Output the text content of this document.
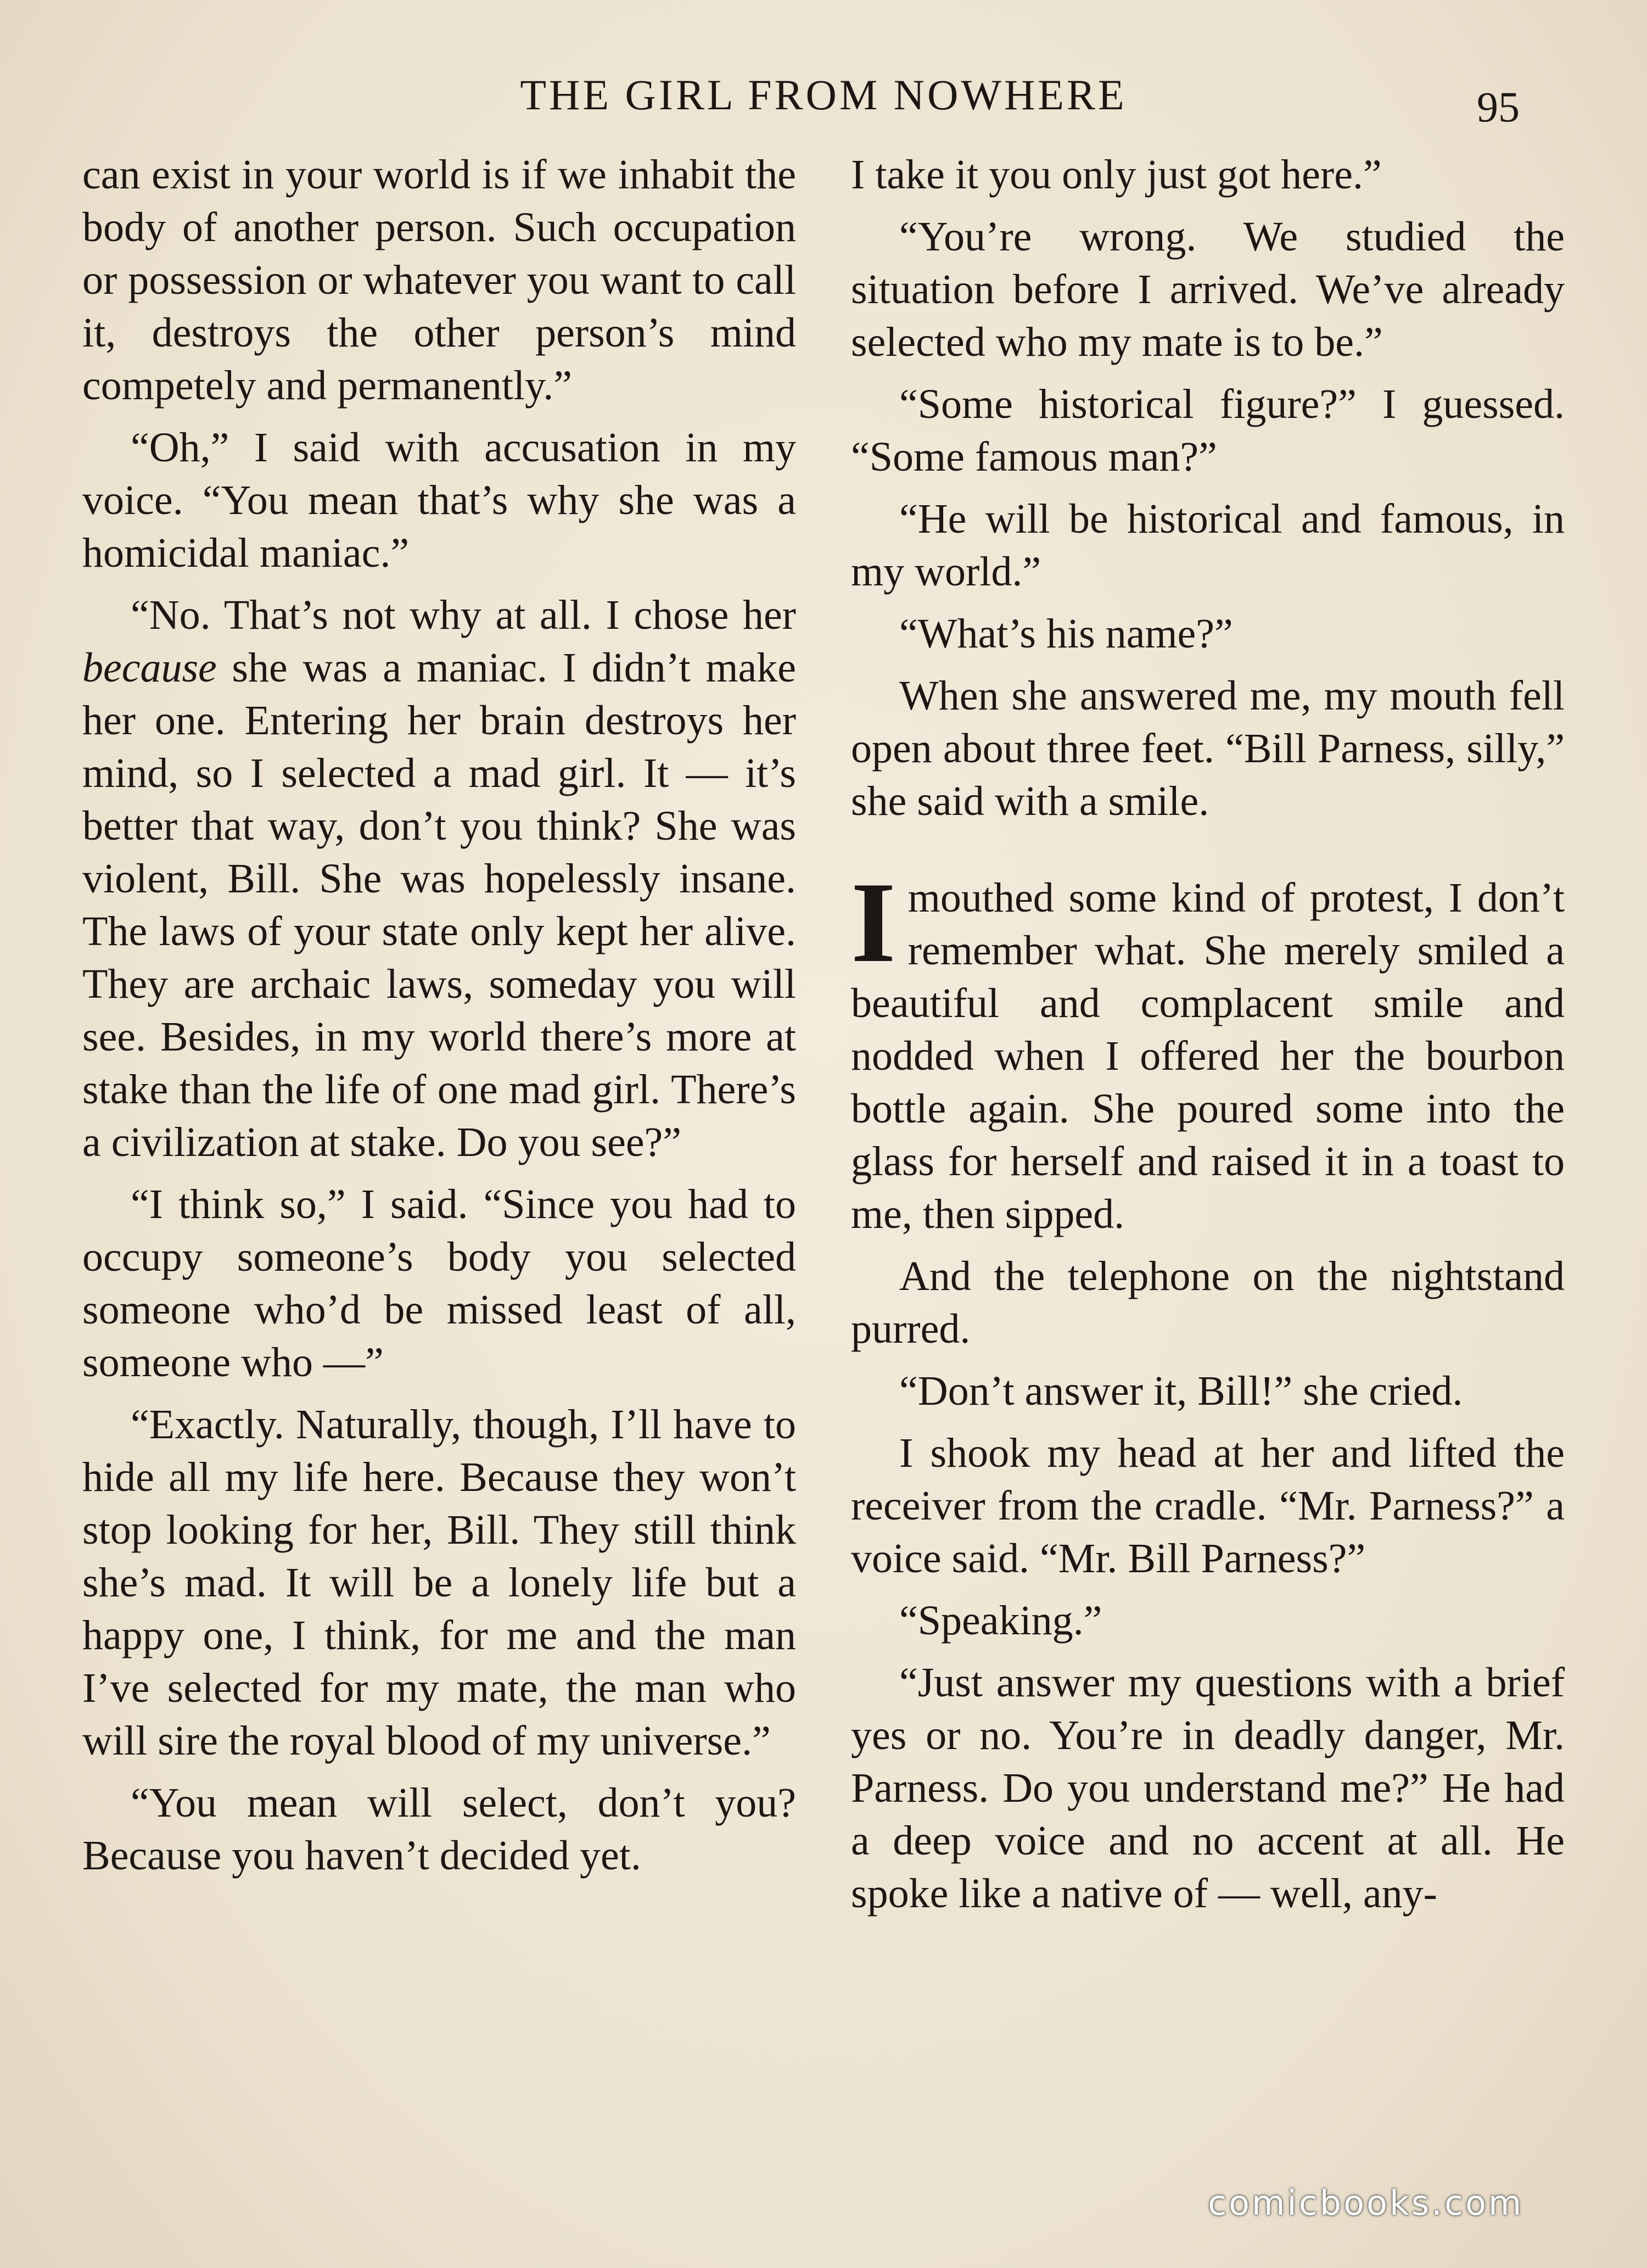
THE GIRL FROM NOWHERE	95

can exist in your world is if we inhabit the body of another person. Such occupation or possession or whatever you want to call it, destroys the other person’s mind competely and permanently.”

“Oh,” I said with accusation in my voice. “You mean that’s why she was a homicidal maniac.”

“No. That’s not why at all. I chose her because she was a maniac. I didn’t make her one. Entering her brain destroys her mind, so I selected a mad girl. It — it’s better that way, don’t you think? She was violent, Bill. She was hopelessly insane. The laws of your state only kept her alive. They are archaic laws, someday you will see. Besides, in my world there’s more at stake than the life of one mad girl. There’s a civilization at stake. Do you see?”

“I think so,” I said. “Since you had to occupy someone’s body you selected someone who’d be missed least of all, someone who —”

“Exactly. Naturally, though, I’ll have to hide all my life here. Because they won’t stop looking for her, Bill. They still think she’s mad. It will be a lonely life but a happy one, I think, for me and the man I’ve selected for my mate, the man who will sire the royal blood of my universe.”

“You mean will select, don’t you? Because you haven’t decided yet.

I take it you only just got here.”

“You’re wrong. We studied the situation before I arrived. We’ve already selected who my mate is to be.”

“Some historical figure?” I guessed. “Some famous man?”

“He will be historical and famous, in my world.”

“What’s his name?”

When she answered me, my mouth fell open about three feet. “Bill Parness, silly,” she said with a smile.

Imouthed some kind of protest, I don’t remember what. She merely smiled a beautiful and complacent smile and nodded when I offered her the bourbon bottle again. She poured some into the glass for herself and raised it in a toast to me, then sipped.

And the telephone on the nightstand purred.

“Don’t answer it, Bill!” she cried.

I shook my head at her and lifted the receiver from the cradle. “Mr. Parness?” a voice said. “Mr. Bill Parness?”

“Speaking.”

“Just answer my questions with a brief yes or no. You’re in deadly danger, Mr. Parness. Do you understand me?” He had a deep voice and no accent at all. He spoke like a native of — well, any-

comicbooks.com
